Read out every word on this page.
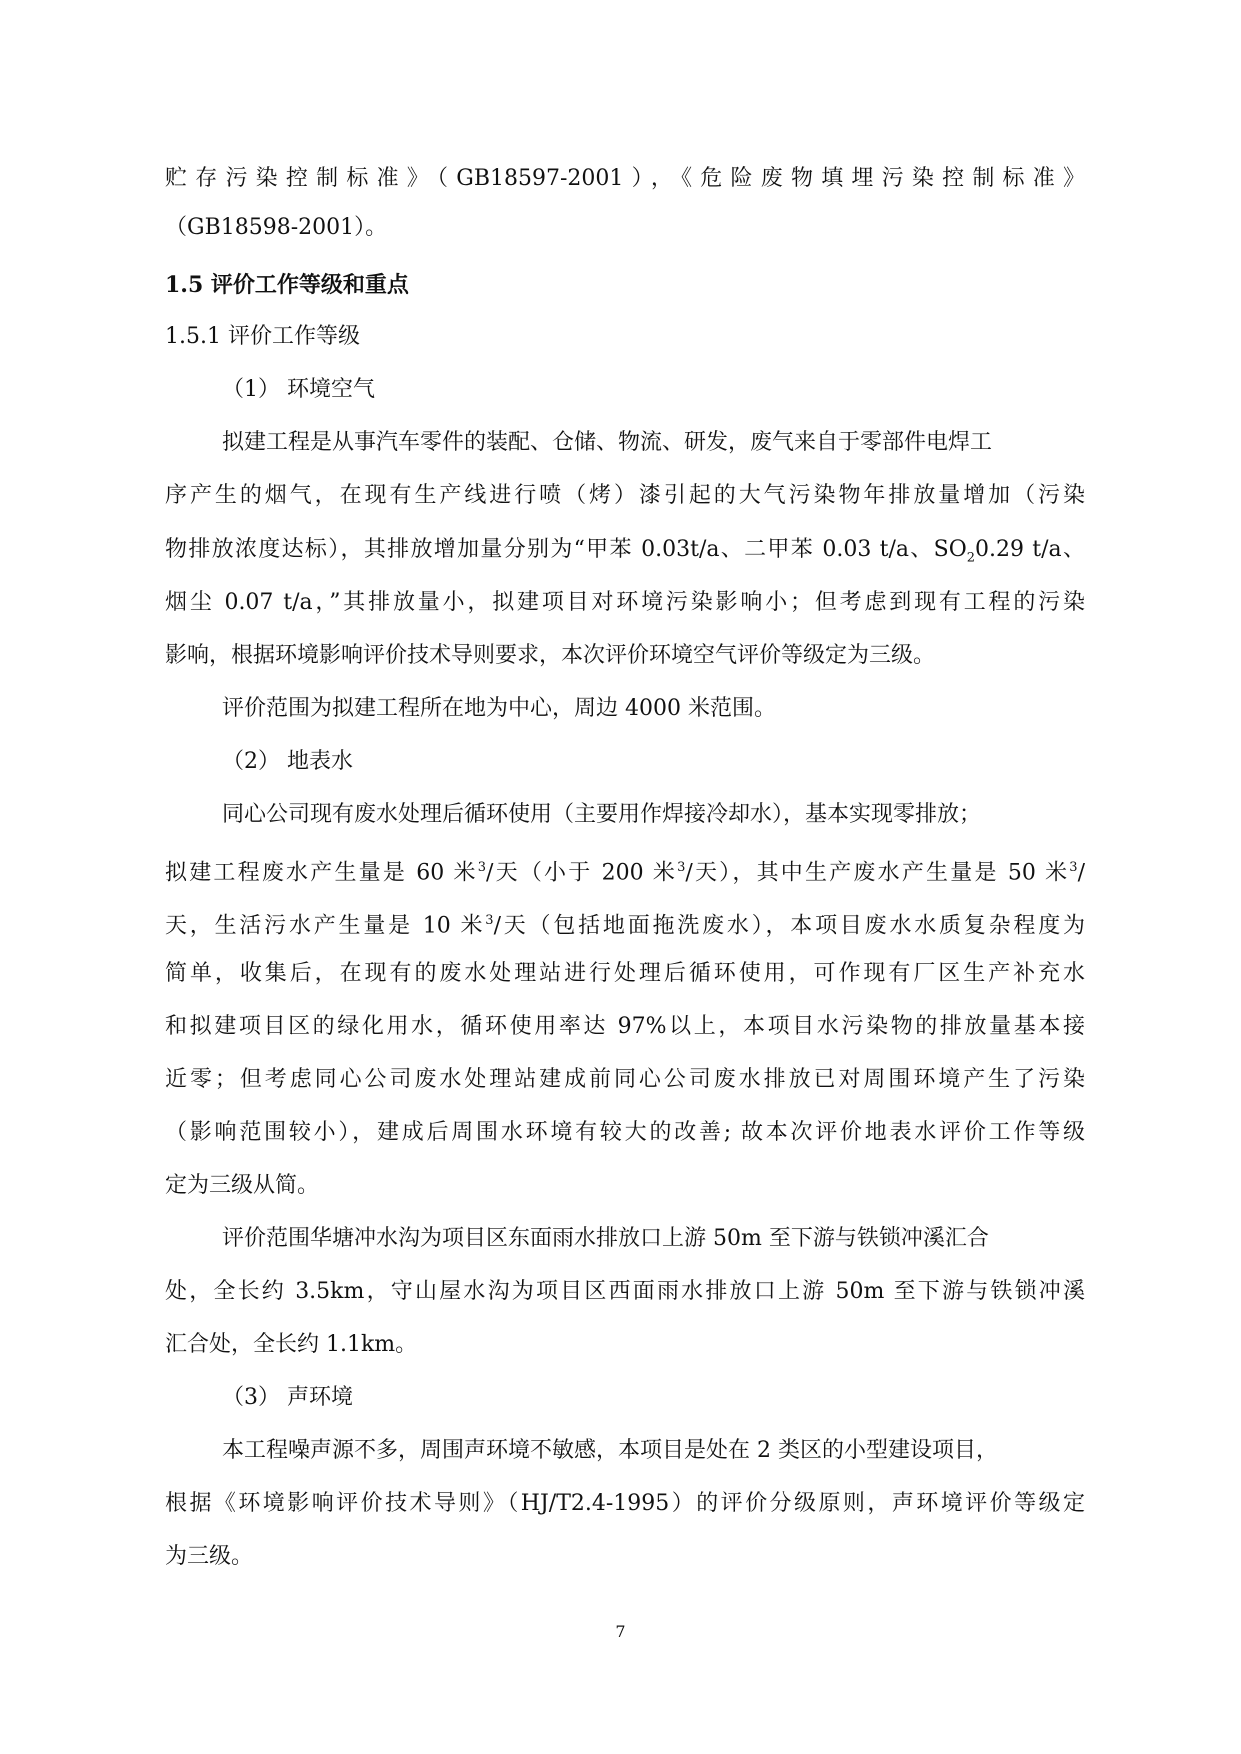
贮存污染控制标准》（GB18597-2001），《危险废物填埋污染控制标准》
（GB18598-2001）。
1.5 评价工作等级和重点
1.5.1 评价工作等级
（1） 环境空气
拟建工程是从事汽车零件的装配、仓储、物流、研发，废气来自于零部件电焊工
序产生的烟气，在现有生产线进行喷（烤）漆引起的大气污染物年排放量增加（污染
物排放浓度达标），其排放增加量分别为“甲苯 0.03t/a、二甲苯 0.03 t/a、$SO_20.29$ t/a、
烟尘 0.07 t/a，”其排放量小，拟建项目对环境污染影响小；但考虑到现有工程的污染
影响，根据环境影响评价技术导则要求，本次评价环境空气评价等级定为三级。
评价范围为拟建工程所在地为中心，周边 4000 米范围。
（2） 地表水
同心公司现有废水处理后循环使用（主要用作焊接冷却水），基本实现零排放；
拟建工程废水产生量是 60 米$^3$/天（小于 200 米$^3$/天），其中生产废水产生量是 50 米$^3$/
天，生活污水产生量是 10 米$^3$/天（包括地面拖洗废水），本项目废水水质复杂程度为
简单，收集后，在现有的废水处理站进行处理后循环使用，可作现有厂区生产补充水
和拟建项目区的绿化用水，循环使用率达 97%以上，本项目水污染物的排放量基本接
近零；但考虑同心公司废水处理站建成前同心公司废水排放已对周围环境产生了污染
（影响范围较小），建成后周围水环境有较大的改善; 故本次评价地表水评价工作等级
定为三级从简。
评价范围华塘冲水沟为项目区东面雨水排放口上游 50m 至下游与铁锁冲溪汇合
处，全长约 3.5km，守山屋水沟为项目区西面雨水排放口上游 50m 至下游与铁锁冲溪
汇合处，全长约 1.1km。
（3） 声环境
本工程噪声源不多，周围声环境不敏感，本项目是处在 2 类区的小型建设项目，
根据《环境影响评价技术导则》（HJ/T2.4-1995）的评价分级原则，声环境评价等级定
为三级。
7
